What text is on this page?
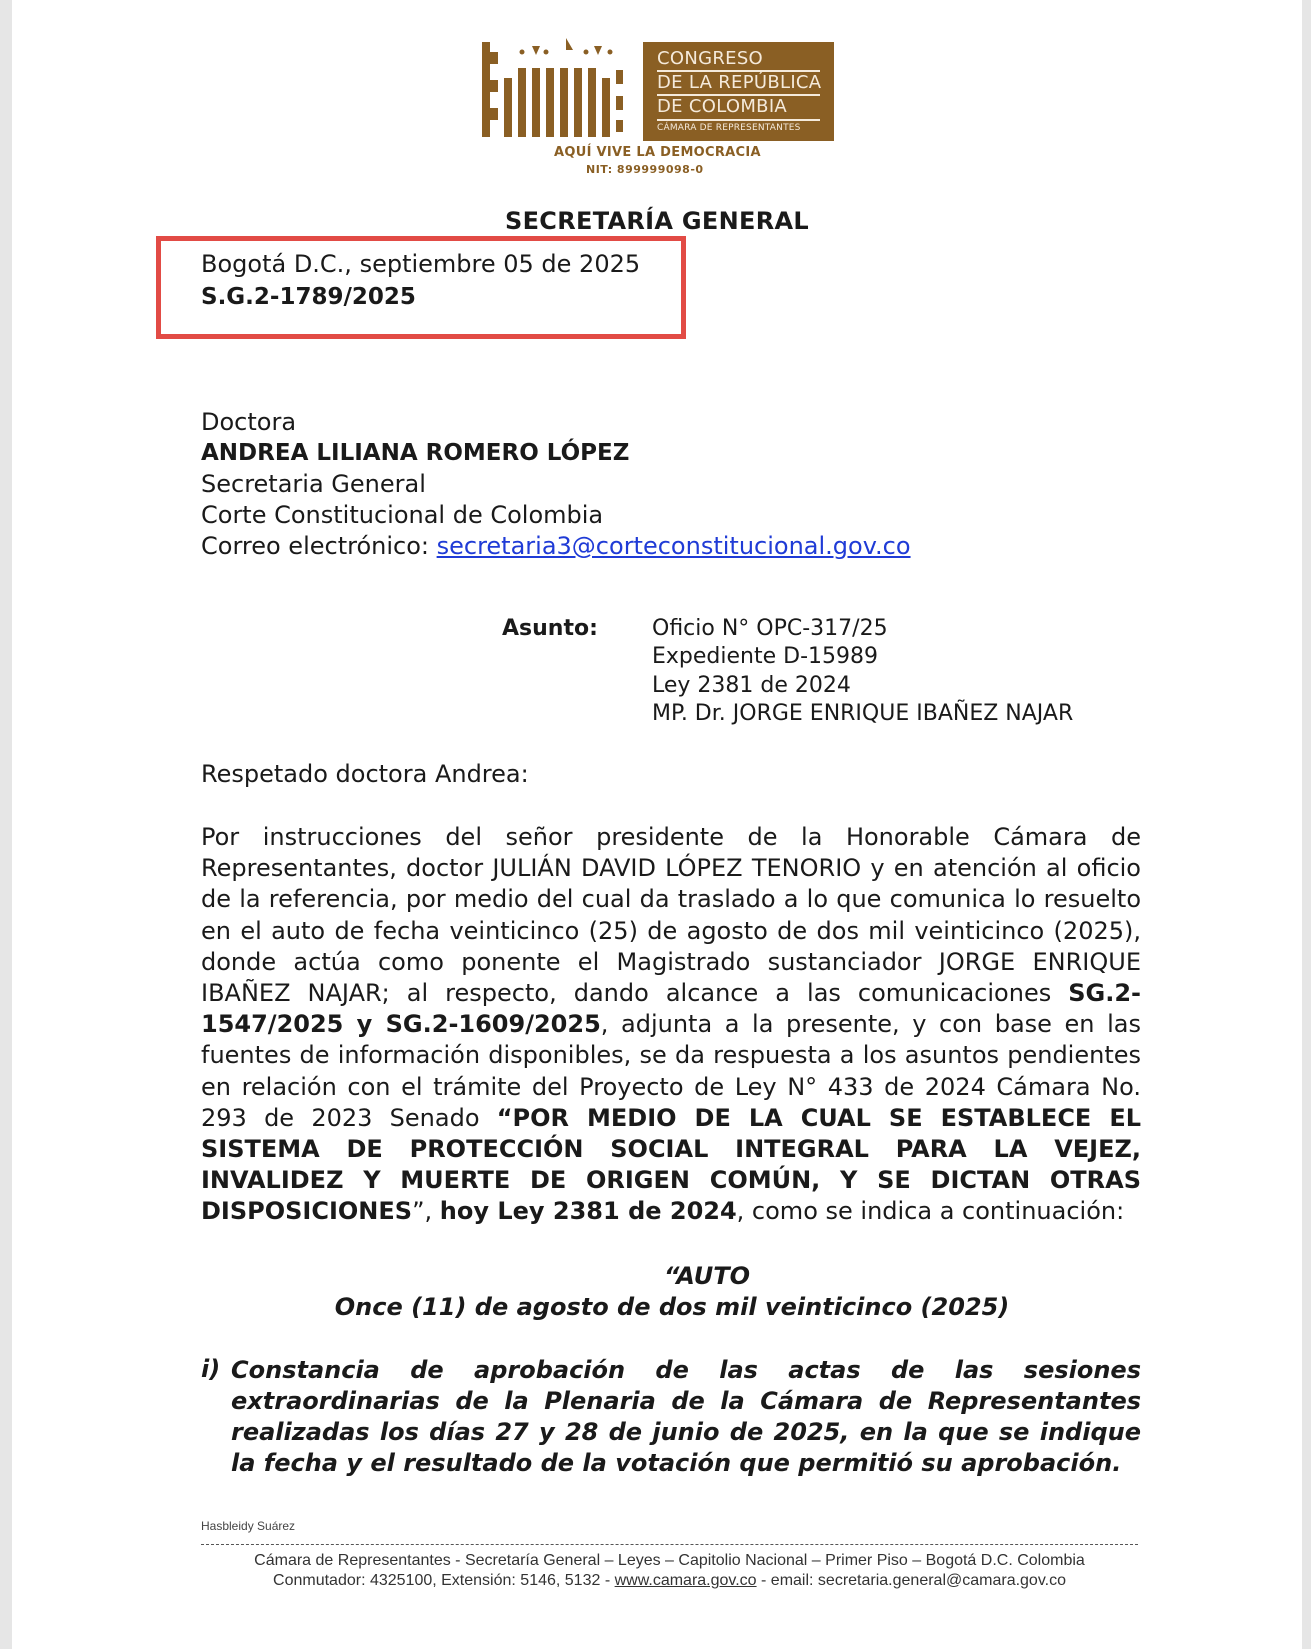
CONGRESO
DE LA REPÚBLICA
DE COLOMBIA
CÁMARA DE REPRESENTANTES
AQUÍ VIVE LA DEMOCRACIA
NIT: 899999098-0
SECRETARÍA GENERAL
Bogotá D.C., septiembre 05 de 2025
S.G.2-1789/2025
Doctora
ANDREA LILIANA ROMERO LÓPEZ
Secretaria General
Corte Constitucional de Colombia
Correo electrónico: secretaria3@corteconstitucional.gov.co
Asunto: Oficio N° OPC-317/25
Expediente D-15989
Ley 2381 de 2024
MP. Dr. JORGE ENRIQUE IBAÑEZ NAJAR
Respetado doctora Andrea:
Por instrucciones del señor presidente de la Honorable Cámara de Representantes, doctor JULIÁN DAVID LÓPEZ TENORIO y en atención al oficio de la referencia, por medio del cual da traslado a lo que comunica lo resuelto en el auto de fecha veinticinco (25) de agosto de dos mil veinticinco (2025), donde actúa como ponente el Magistrado sustanciador JORGE ENRIQUE IBAÑEZ NAJAR; al respecto, dando alcance a las comunicaciones SG.2-1547/2025 y SG.2-1609/2025, adjunta a la presente, y con base en las fuentes de información disponibles, se da respuesta a los asuntos pendientes en relación con el trámite del Proyecto de Ley N° 433 de 2024 Cámara No. 293 de 2023 Senado “POR MEDIO DE LA CUAL SE ESTABLECE EL SISTEMA DE PROTECCIÓN SOCIAL INTEGRAL PARA LA VEJEZ, INVALIDEZ Y MUERTE DE ORIGEN COMÚN, Y SE DICTAN OTRAS DISPOSICIONES”, hoy Ley 2381 de 2024, como se indica a continuación:
“AUTO
Once (11) de agosto de dos mil veinticinco (2025)
i) Constancia de aprobación de las actas de las sesiones extraordinarias de la Plenaria de la Cámara de Representantes realizadas los días 27 y 28 de junio de 2025, en la que se indique la fecha y el resultado de la votación que permitió su aprobación.
Hasbleidy Suárez
Cámara de Representantes - Secretaría General – Leyes – Capitolio Nacional – Primer Piso – Bogotá D.C. Colombia
Conmutador: 4325100, Extensión: 5146, 5132 - www.camara.gov.co - email: secretaria.general@camara.gov.co
